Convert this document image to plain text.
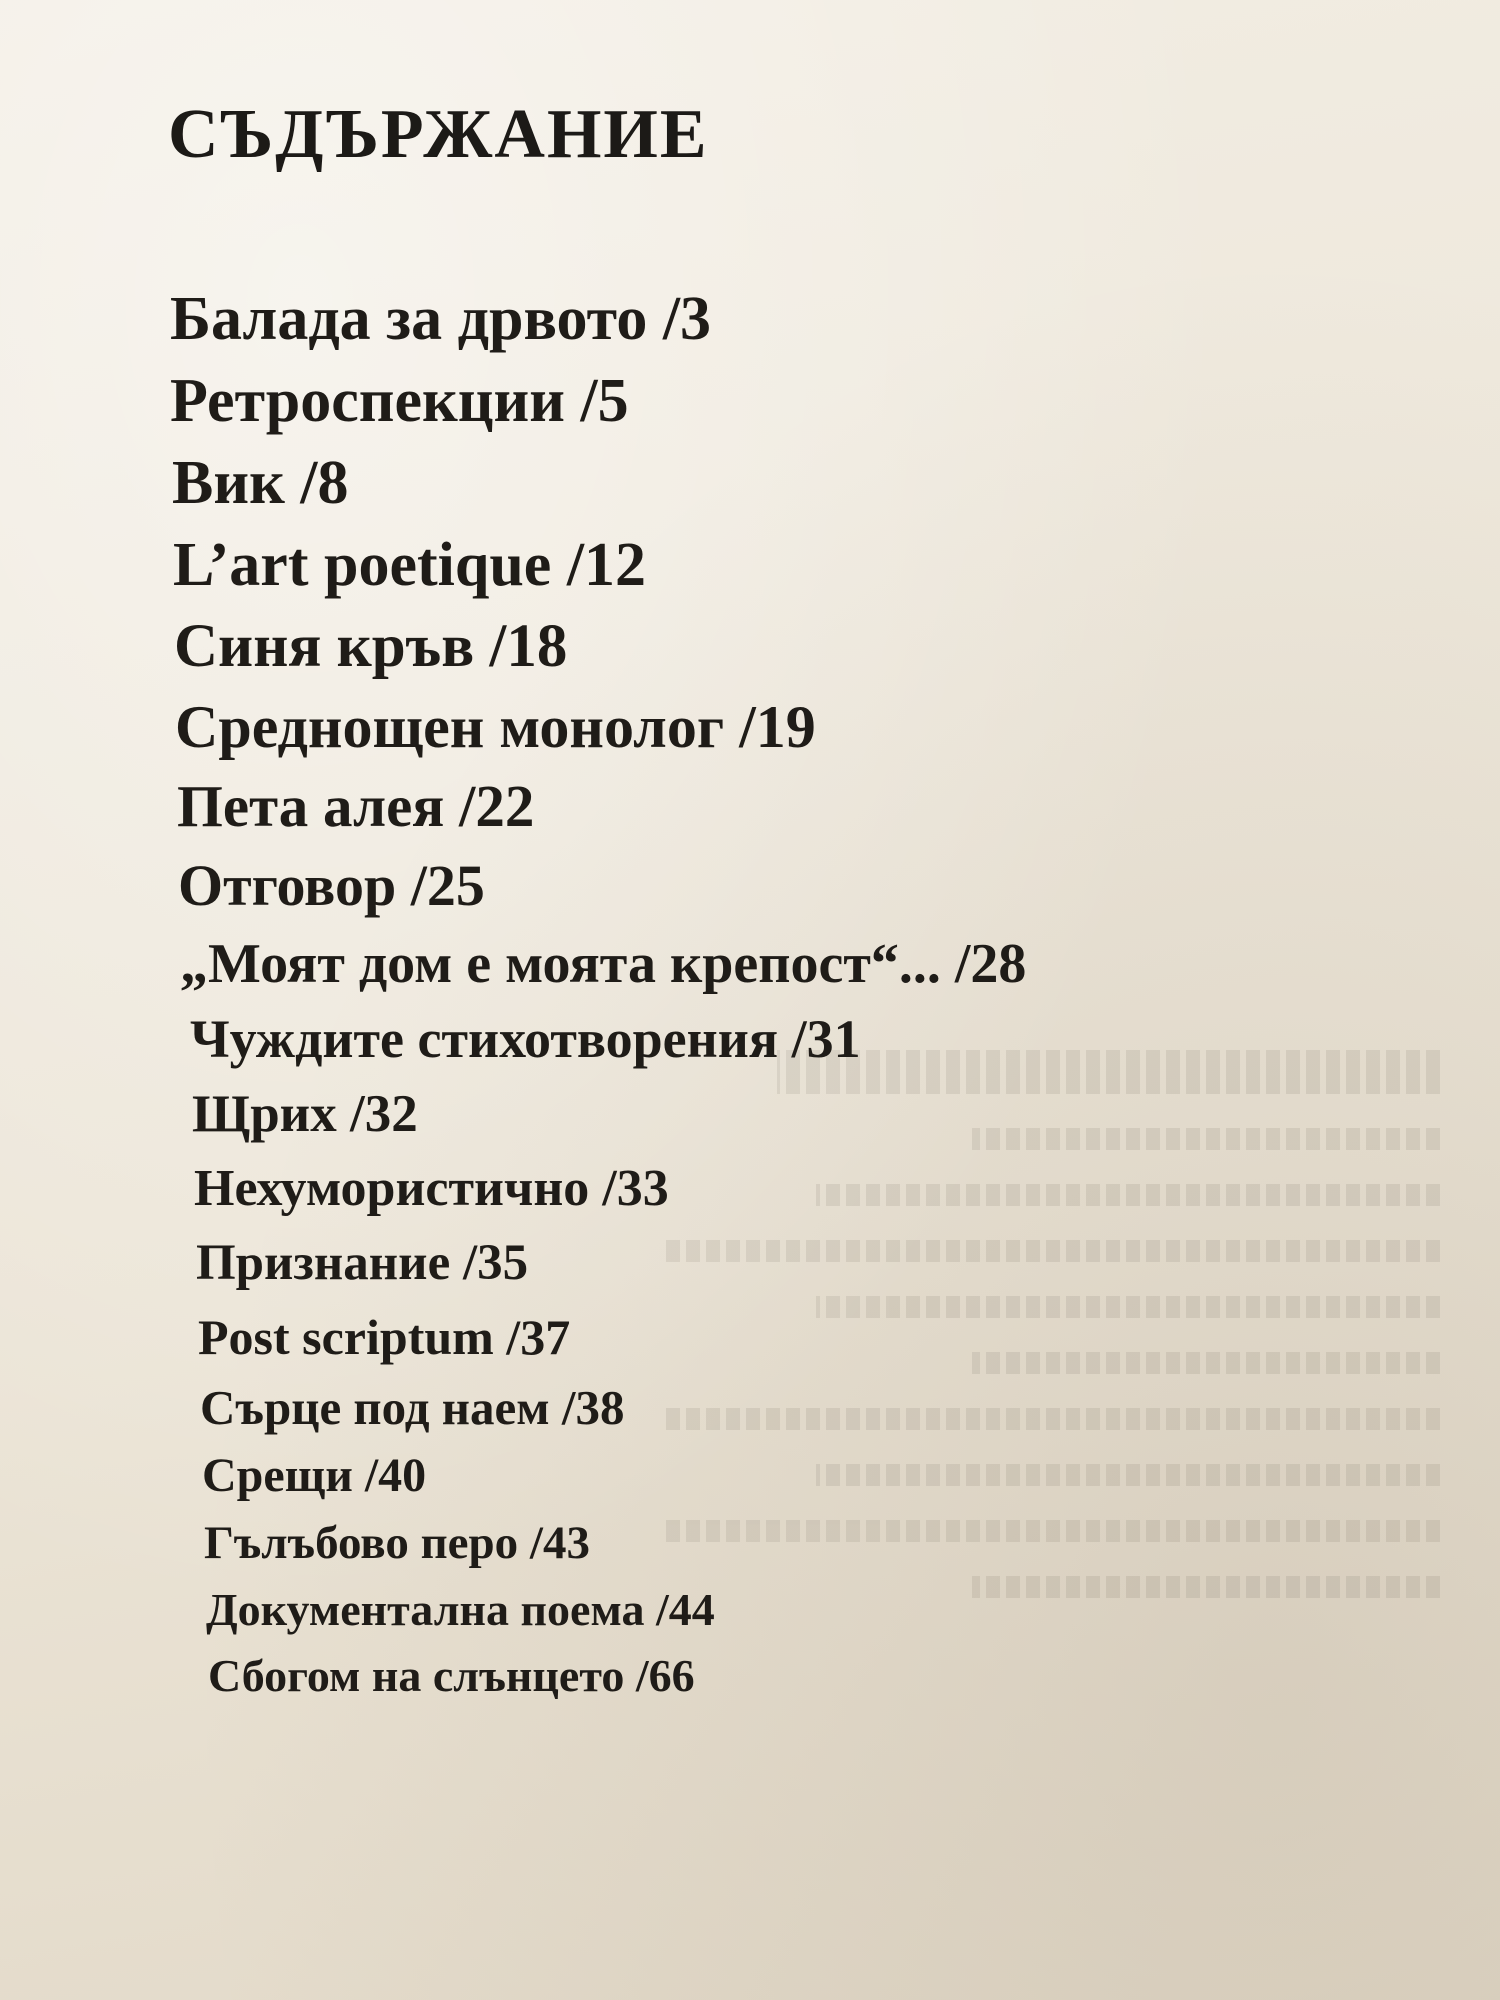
СЪДЪРЖАНИЕ
Балада за дрвото /3
Ретроспекции /5
Вик /8
L’art poetique /12
Синя кръв /18
Среднощен монолог /19
Пета алея /22
Отговор /25
„Моят дом е моята крепост“... /28
Чуждите стихотворения /31
Щрих /32
Нехумористично /33
Признание /35
Post scriptum /37
Сърце под наем /38
Срещи /40
Гълъбово перо /43
Документална поема /44
Сбогом на слънцето /66
